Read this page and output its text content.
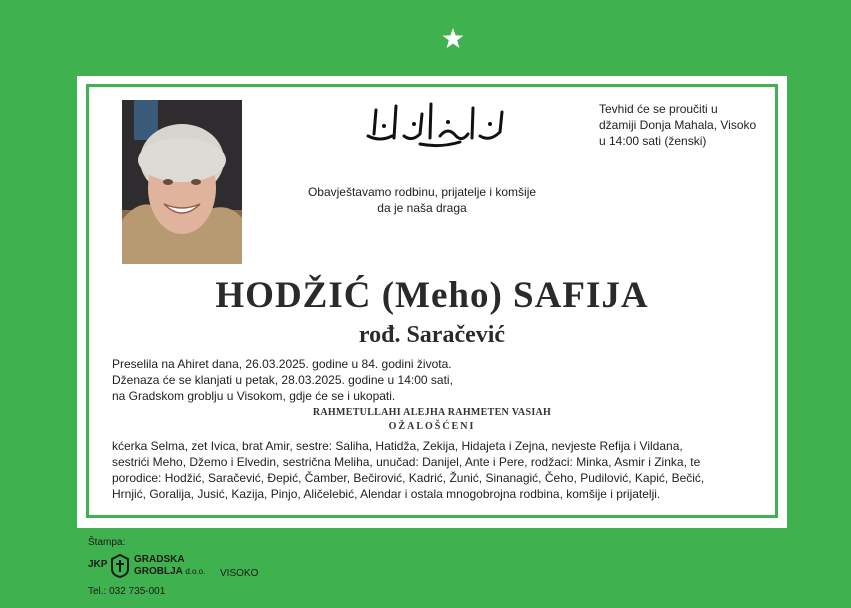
Tevhid će se proučiti u
džamiji Donja Mahala, Visoko
u 14:00 sati (ženski)
Obavještavamo rodbinu, prijatelje i komšije
da je naša draga
HODŽIĆ (Meho) SAFIJA
rođ. Saračević
Preselila na Ahiret dana, 26.03.2025. godine u 84. godini života.
Dženaza će se klanjati u petak, 28.03.2025. godine u 14:00 sati,
na Gradskom groblju u Visokom, gdje će se i ukopati.
RAHMETULLAHI ALEJHA RAHMETEN VASIAH
OŽALOŠĆENI
kćerka Selma, zet Ivica, brat Amir, sestre: Saliha, Hatidža, Zekija, Hidajeta i Zejna, nevjeste Refija i Vildana,
sestrići Meho, Džemo i Elvedin, sestrična Meliha, unučad: Danijel, Ante i Pere, rodžaci: Minka, Asmir i Zinka, te
porodice: Hodžić, Saračević, Đepić, Čamber, Bečirović, Kadrić, Žunić, Sinanagić, Čeho, Pudilović, Kapić, Bečić,
Hrnjić, Goralija, Jusić, Kazija, Pinjo, Aličelebić, Alendar i ostala mnogobrojna rodbina, komšije i prijatelji.
Štampa:
JKP	GRADSKA
GROBLJA d.o.o. VISOKO
Tel.: 032 735-001
